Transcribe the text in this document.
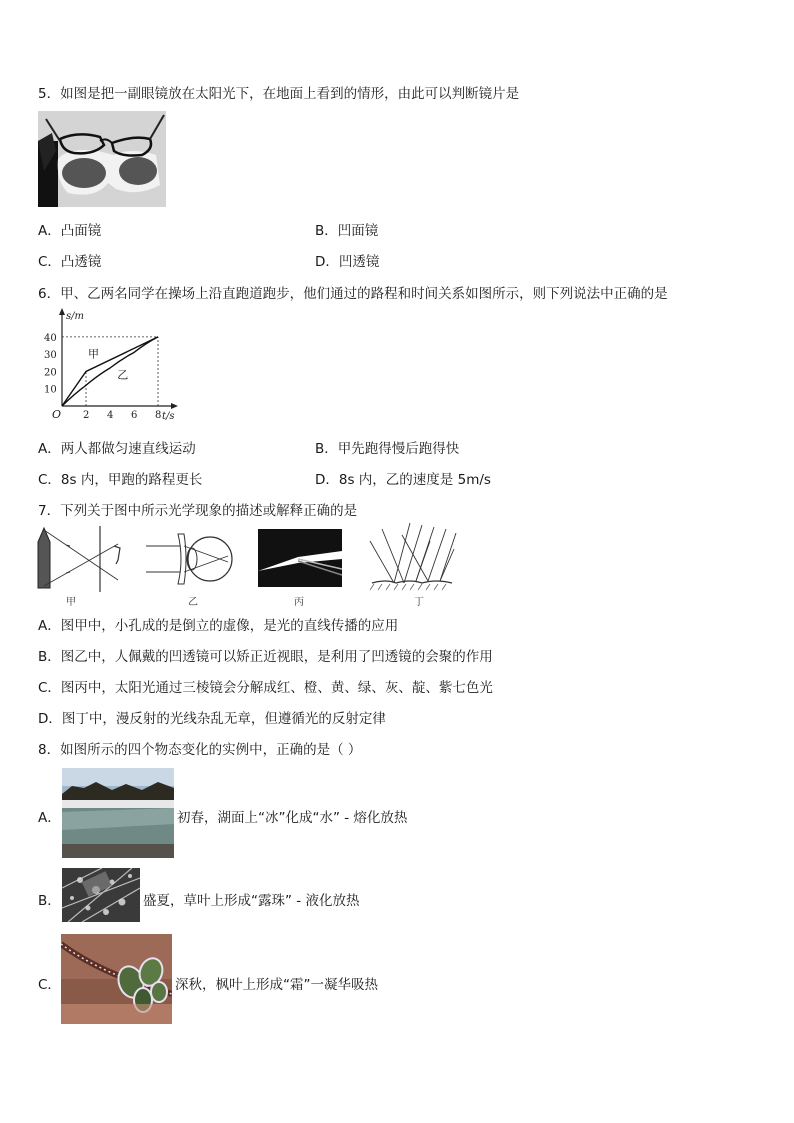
5．如图是把一副眼镜放在太阳光下，在地面上看到的情形，由此可以判断镜片是
A．凸面镜	B．凹面镜
C．凸透镜	D．凹透镜
6．甲、乙两名同学在操场上沿直跑道跑步，他们通过的路程和时间关系如图所示，则下列说法中正确的是
s/m
t/s
O 2 4 6 8
10
20
30
40
甲
乙
A．两人都做匀速直线运动	B．甲先跑得慢后跑得快
C．8s 内，甲跑的路程更长	D．8s 内，乙的速度是 5m/s
7．下列关于图中所示光学现象的描述或解释正确的是
甲	乙	丙	丁
A．图甲中，小孔成的是倒立的虚像，是光的直线传播的应用
B．图乙中，人佩戴的凹透镜可以矫正近视眼，是利用了凹透镜的会聚的作用
C．图丙中，太阳光通过三棱镜会分解成红、橙、黄、绿、灰、靛、紫七色光
D．图丁中，漫反射的光线杂乱无章，但遵循光的反射定律
8．如图所示的四个物态变化的实例中，正确的是（ ）
A．	初春，湖面上“冰”化成“水” - 熔化放热
B．	盛夏，草叶上形成“露珠” - 液化放热
C．	深秋，枫叶上形成“霜”一凝华吸热
